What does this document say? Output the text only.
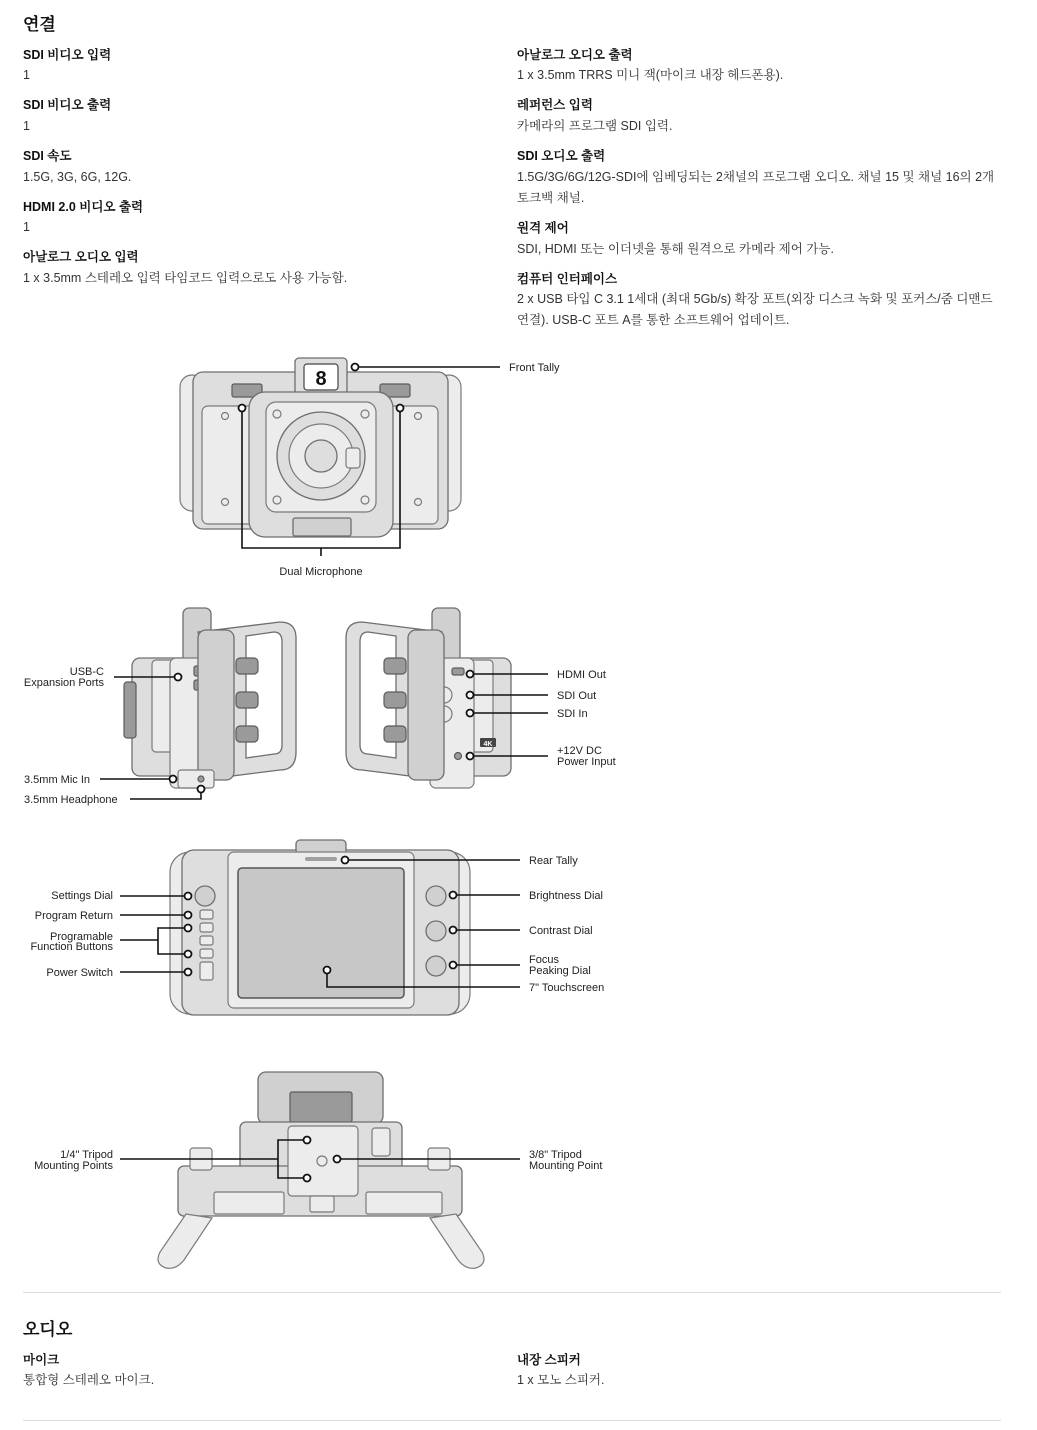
연결
SDI 비디오 입력
1
SDI 비디오 출력
1
SDI 속도
1.5G, 3G, 6G, 12G.
HDMI 2.0 비디오 출력
1
아날로그 오디오 입력
1 x 3.5mm 스테레오 입력 타임코드 입력으로도 사용 가능함.
아날로그 오디오 출력
1 x 3.5mm TRRS 미니 잭(마이크 내장 헤드폰용).
레퍼런스 입력
카메라의 프로그램 SDI 입력.
SDI 오디오 출력
1.5G/3G/6G/12G-SDI에 임베딩되는 2채널의 프로그램 오디오. 채널 15 및 채널 16의 2개 토크백 채널.
원격 제어
SDI, HDMI 또는 이더넷을 통해 원격으로 카메라 제어 가능.
컴퓨터 인터페이스
2 x USB 타입 C 3.1 1세대 (최대 5Gb/s) 확장 포트(외장 디스크 녹화 및 포커스/줌 디맨드 연결). USB-C 포트 A를 통한 소프트웨어 업데이트.
8	Front Tally
Dual Microphone
USB-C
Expansion Ports
3.5mm Mic In
3.5mm Headphone
4K
HDMI Out
SDI Out
SDI In
+12V DC
Power Input
Settings Dial
Program Return
Programable
Function Buttons
Power Switch
Rear Tally
Brightness Dial
Contrast Dial
Focus
Peaking Dial
7" Touchscreen
1/4" Tripod
Mounting Points
3/8" Tripod
Mounting Point
오디오
마이크
통합형 스테레오 마이크.
내장 스피커
1 x 모노 스피커.
